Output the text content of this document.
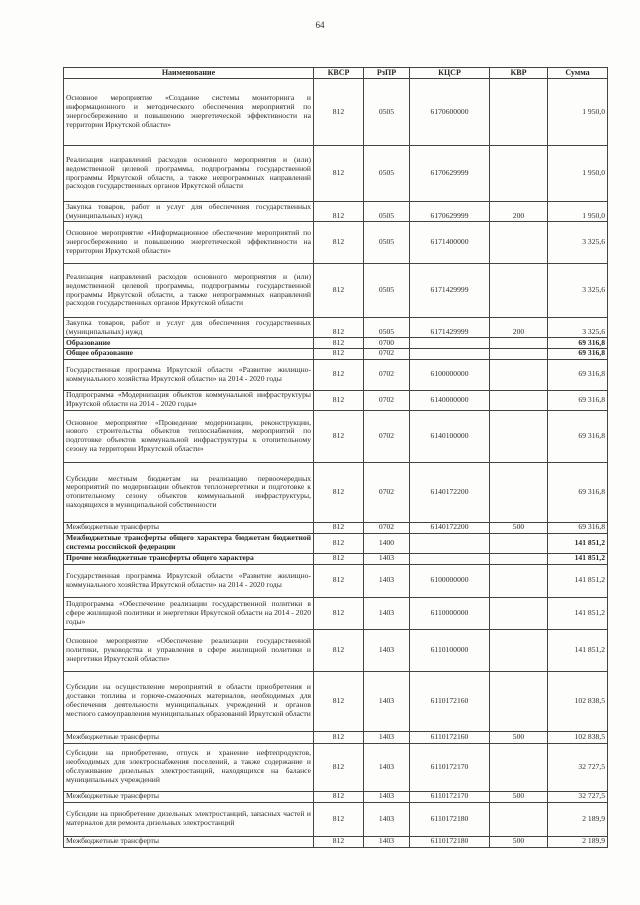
64
Наименование	КВСР	РзПР	КЦСР	КВР	Сумма
Основное мероприятие «Создание системы мониторинга и информационного и методического обеспечения мероприятий по энергосбережению и повышению энергетической эффективности на территории Иркутской области»	812	0505	6170600000		1 950,0
Реализация направлений расходов основного мероприятия и (или) ведомственной целевой программы, подпрограммы государственной программы Иркутской области, а также непрограммных направлений расходов государственных органов Иркутской области	812	0505	6170629999		1 950,0
Закупка товаров, работ и услуг для обеспечения государственных (муниципальных) нужд	812	0505	6170629999	200	1 950,0
Основное мероприятие «Информационное обеспечение мероприятий по энергосбережению и повышению энергетической эффективности на территории Иркутской области»	812	0505	6171400000		3 325,6
Реализация направлений расходов основного мероприятия и (или) ведомственной целевой программы, подпрограммы государственной программы Иркутской области, а также непрограммных направлений расходов государственных органов Иркутской области	812	0505	6171429999		3 325,6
Закупка товаров, работ и услуг для обеспечения государственных (муниципальных) нужд	812	0505	6171429999	200	3 325,6
Образование	812	0700			69 316,8
Общее образование	812	0702			69 316,8
Государственная программа Иркутской области «Развитие жилищно-коммунального хозяйства Иркутской области» на 2014 - 2020 годы	812	0702	6100000000		69 316,8
Подпрограмма «Модернизация объектов коммунальной инфраструктуры Иркутской области на 2014 - 2020 годы»	812	0702	6140000000		69 316,8
Основное мероприятие «Проведение модернизации, реконструкции, нового строительства объектов теплоснабжения, мероприятий по подготовке объектов коммунальной инфраструктуры к отопительному сезону на территории Иркутской области»	812	0702	6140100000		69 316,8
Субсидии местным бюджетам на реализацию первоочередных мероприятий по модернизации объектов теплоэнергетики и подготовке к отопительному сезону объектов коммунальной инфраструктуры, находящихся в муниципальной собственности	812	0702	6140172200		69 316,8
Межбюджетные трансферты	812	0702	6140172200	500	69 316,8
Межбюджетные трансферты общего характера бюджетам бюджетной системы российской федерации	812	1400			141 851,2
Прочие межбюджетные трансферты общего характера	812	1403			141 851,2
Государственная программа Иркутской области «Развитие жилищно-коммунального хозяйства Иркутской области» на 2014 - 2020 годы	812	1403	6100000000		141 851,2
Подпрограмма «Обеспечение реализации государственной политики в сфере жилищной политики и энергетики Иркутской области на 2014 - 2020 годы»	812	1403	6110000000		141 851,2
Основное мероприятие «Обеспечение реализации государственной политики, руководства и управления в сфере жилищной политики и энергетики Иркутской области»	812	1403	6110100000		141 851,2
Субсидии на осуществление мероприятий в области приобретения и доставки топлива и горюче-смазочных материалов, необходимых для обеспечения деятельности муниципальных учреждений и органов местного самоуправления муниципальных образований Иркутской области	812	1403	6110172160		102 838,5
Межбюджетные трансферты	812	1403	6110172160	500	102 838,5
Субсидии на приобретение, отпуск и хранение нефтепродуктов, необходимых для электроснабжения поселений, а также содержание и обслуживание дизельных электростанций, находящихся на балансе муниципальных учреждений	812	1403	6110172170		32 727,5
Межбюджетные трансферты	812	1403	6110172170	500	32 727,5
Субсидии на приобретение дизельных электростанций, запасных частей и материалов для ремонта дизельных электростанций	812	1403	6110172180		2 189,9
Межбюджетные трансферты	812	1403	6110172180	500	2 189,9
